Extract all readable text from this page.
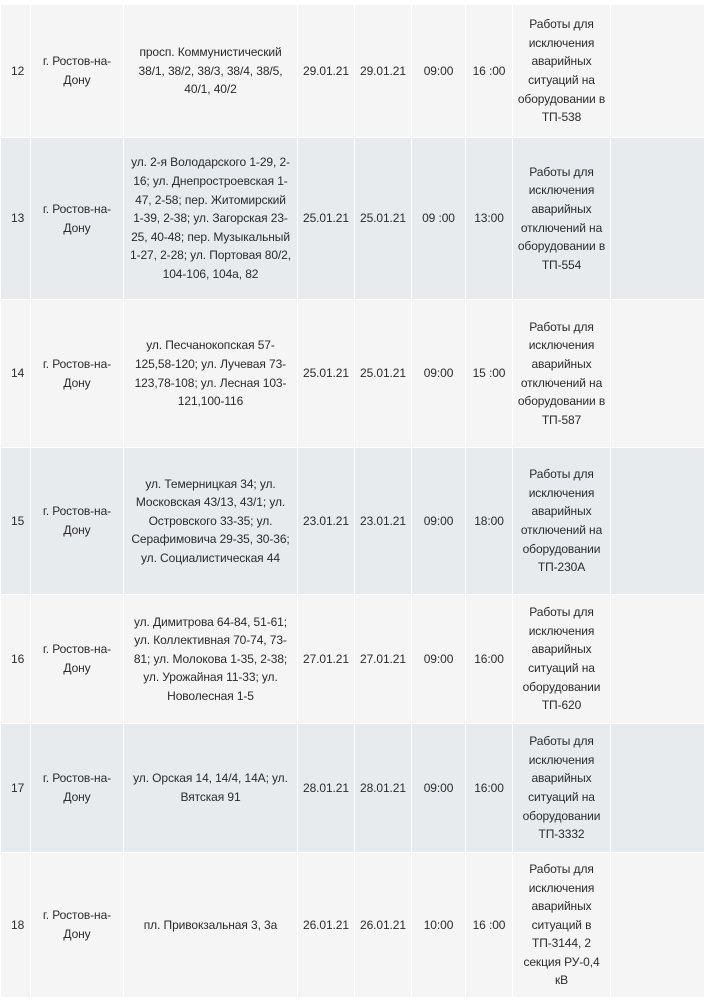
12	г. Ростов-на-Дону	просп. Коммунистический 38/1, 38/2, 38/3, 38/4, 38/5, 40/1, 40/2	29.01.21	29.01.21	09:00	16 :00	Работы для исключения аварийных ситуаций на оборудовании в ТП-538	
13	г. Ростов-на-Дону	ул. 2-я Володарского 1-29, 2-16; ул. Днепростроевская 1-47, 2-58; пер. Житомирский 1-39, 2-38; ул. Загорская 23-25, 40-48; пер. Музыкальный 1-27, 2-28; ул. Портовая 80/2, 104-106, 104а, 82	25.01.21	25.01.21	09 :00	13:00	Работы для исключения аварийных отключений на оборудовании в ТП-554	
14	г. Ростов-на-Дону	ул. Песчанокопская 57-125,58-120; ул. Лучевая 73-123,78-108; ул. Лесная 103-121,100-116	25.01.21	25.01.21	09:00	15 :00	Работы для исключения аварийных отключений на оборудовании в ТП-587	
15	г. Ростов-на-Дону	ул. Темерницкая 34; ул. Московская 43/13, 43/1; ул. Островского 33-35; ул. Серафимовича 29-35, 30-36; ул. Социалистическая 44	23.01.21	23.01.21	09:00	18:00	Работы для исключения аварийных отключений на оборудовании ТП-230А	
16	г. Ростов-на-Дону	ул. Димитрова 64-84, 51-61; ул. Коллективная 70-74, 73-81; ул. Молокова 1-35, 2-38; ул. Урожайная 11-33; ул. Новолесная 1-5	27.01.21	27.01.21	09:00	16:00	Работы для исключения аварийных ситуаций на оборудовании ТП-620	
17	г. Ростов-на-Дону	ул. Орская 14, 14/4, 14А; ул. Вятская 91	28.01.21	28.01.21	09:00	16:00	Работы для исключения аварийных ситуаций на оборудовании ТП-3332	
18	г. Ростов-на-Дону	пл. Привокзальная 3, 3а	26.01.21	26.01.21	10:00	16 :00	Работы для исключения аварийных ситуаций в ТП-3144, 2 секция РУ-0,4 кВ	
